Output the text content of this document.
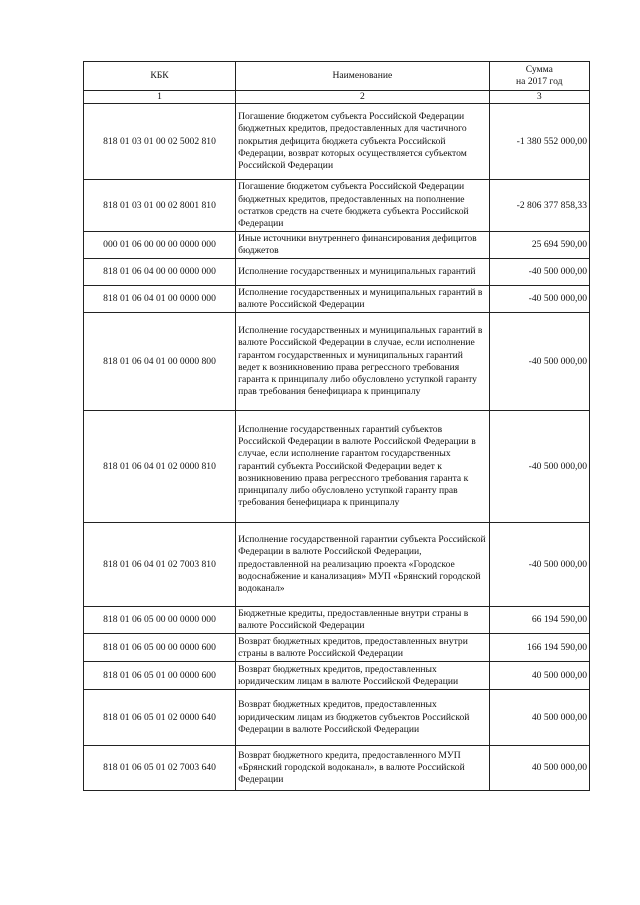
КБК	Наименование	Сумма
на 2017 год

1	2	3
818 01 03 01 00 02 5002 810	Погашение бюджетом субъекта Российской Федерации бюджетных кредитов, предоставленных для частичного покрытия дефицита бюджета субъекта Российской Федерации, возврат которых осуществляется субъектом Российской Федерации	-1 380 552 000,00
818 01 03 01 00 02 8001 810	Погашение бюджетом субъекта Российской Федерации бюджетных кредитов, предоставленных на пополнение остатков средств на счете бюджета субъекта Российской Федерации	-2 806 377 858,33
000 01 06 00 00 00 0000 000	Иные источники внутреннего финансирования дефицитов бюджетов	25 694 590,00
818 01 06 04 00 00 0000 000	Исполнение государственных и муниципальных гарантий	-40 500 000,00
818 01 06 04 01 00 0000 000	Исполнение государственных и муниципальных гарантий в валюте Российской Федерации	-40 500 000,00
818 01 06 04 01 00 0000 800	Исполнение государственных и муниципальных гарантий в валюте Российской Федерации в случае, если исполнение гарантом государственных и муниципальных гарантий ведет к возникновению права регрессного требования гаранта к принципалу либо обусловлено уступкой гаранту прав требования бенефициара к принципалу	-40 500 000,00
818 01 06 04 01 02 0000 810	Исполнение государственных гарантий субъектов Российской Федерации в валюте Российской Федерации в случае, если исполнение гарантом государственных гарантий субъекта Российской Федерации ведет к возникновению права регрессного требования гаранта к принципалу либо обусловлено уступкой гаранту прав требования бенефициара к принципалу	-40 500 000,00
818 01 06 04 01 02 7003 810	Исполнение государственной гарантии субъекта Российской Федерации в валюте Российской Федерации, предоставленной на реализацию проекта «Городское водоснабжение и канализация» МУП «Брянский городской водоканал»	-40 500 000,00
818 01 06 05 00 00 0000 000	Бюджетные кредиты, предоставленные внутри страны в валюте Российской Федерации	66 194 590,00
818 01 06 05 00 00 0000 600	Возврат бюджетных кредитов, предоставленных внутри страны в валюте Российской Федерации	166 194 590,00
818 01 06 05 01 00 0000 600	Возврат бюджетных кредитов, предоставленных юридическим лицам в валюте Российской Федерации	40 500 000,00
818 01 06 05 01 02 0000 640	Возврат бюджетных кредитов, предоставленных юридическим лицам из бюджетов субъектов Российской Федерации в валюте Российской Федерации	40 500 000,00
818 01 06 05 01 02 7003 640	Возврат бюджетного кредита, предоставленного МУП «Брянский городской водоканал», в валюте Российской Федерации	40 500 000,00
